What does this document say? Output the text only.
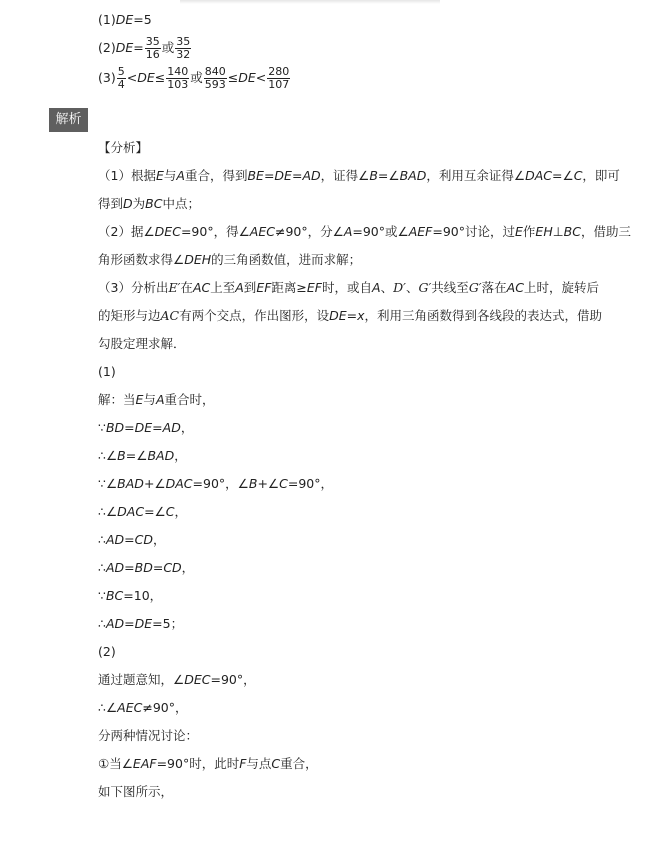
(1)DE=5
$(2)DE= \frac{35}{16}$ 或 $\frac{35}{32}$
$(3) \frac{5}{4} <DE\le \frac{140}{103}$ 或 $\frac{840}{593} \le DE< \frac{280}{107}$
解析
【分析】
（1）根据E与A重合，得到BE=DE=AD，证得∠B=∠BAD，利用互余证得∠DAC=∠C，即可
得到D为BC中点；
（2）据∠DEC=90°，得∠AEC≠90°，分∠A=90°或∠AEF=90°讨论，过E作EH⊥BC，借助三
角形函数求得∠DEH的三角函数值，进而求解；
（3）分析出E′在AC上至A到EF距离≥EF时，或自A、D′、G′共线至G′落在AC上时，旋转后
的矩形与边AC有两个交点，作出图形，设DE=x，利用三角函数得到各线段的表达式，借助
勾股定理求解．
(1)
解：当E与A重合时，
∵BD=DE=AD，
∴∠B=∠BAD，
∵∠BAD+∠DAC=90°，∠B+∠C=90°，
∴∠DAC=∠C，
∴AD=CD，
∴AD=BD=CD，
∵BC=10，
∴AD=DE=5；
(2)
通过题意知，∠DEC=90°，
∴∠AEC≠90°，
分两种情况讨论：
①当∠EAF=90°时，此时F与点C重合，
如下图所示，
